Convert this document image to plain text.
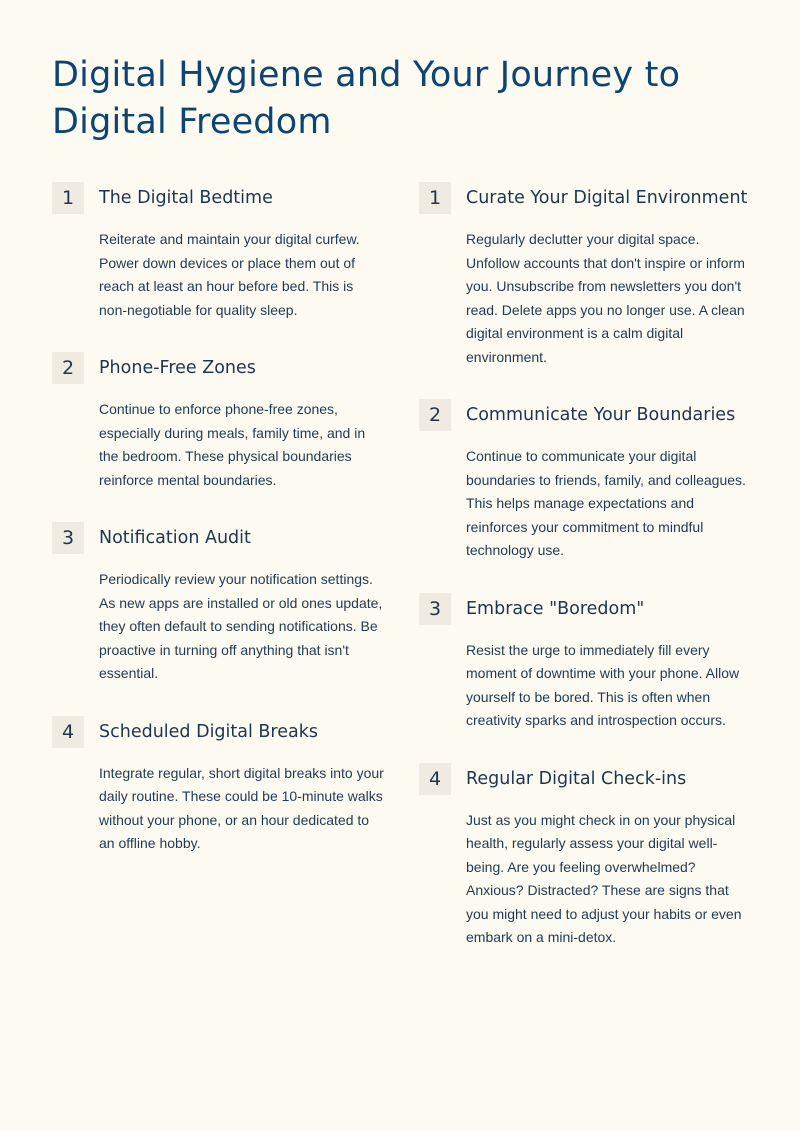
Digital Hygiene and Your Journey to Digital Freedom
1	The Digital Bedtime
Reiterate and maintain your digital curfew. Power down devices or place them out of reach at least an hour before bed. This is non-negotiable for quality sleep.
2	Phone-Free Zones
Continue to enforce phone-free zones, especially during meals, family time, and in the bedroom. These physical boundaries reinforce mental boundaries.
3	Notification Audit
Periodically review your notification settings. As new apps are installed or old ones update, they often default to sending notifications. Be proactive in turning off anything that isn't essential.
4	Scheduled Digital Breaks
Integrate regular, short digital breaks into your daily routine. These could be 10-minute walks without your phone, or an hour dedicated to an offline hobby.
1	Curate Your Digital Environment
Regularly declutter your digital space. Unfollow accounts that don't inspire or inform you. Unsubscribe from newsletters you don't read. Delete apps you no longer use. A clean digital environment is a calm digital environment.
2	Communicate Your Boundaries
Continue to communicate your digital boundaries to friends, family, and colleagues. This helps manage expectations and reinforces your commitment to mindful technology use.
3	Embrace "Boredom"
Resist the urge to immediately fill every moment of downtime with your phone. Allow yourself to be bored. This is often when creativity sparks and introspection occurs.
4	Regular Digital Check-ins
Just as you might check in on your physical health, regularly assess your digital well-being. Are you feeling overwhelmed? Anxious? Distracted? These are signs that you might need to adjust your habits or even embark on a mini-detox.
